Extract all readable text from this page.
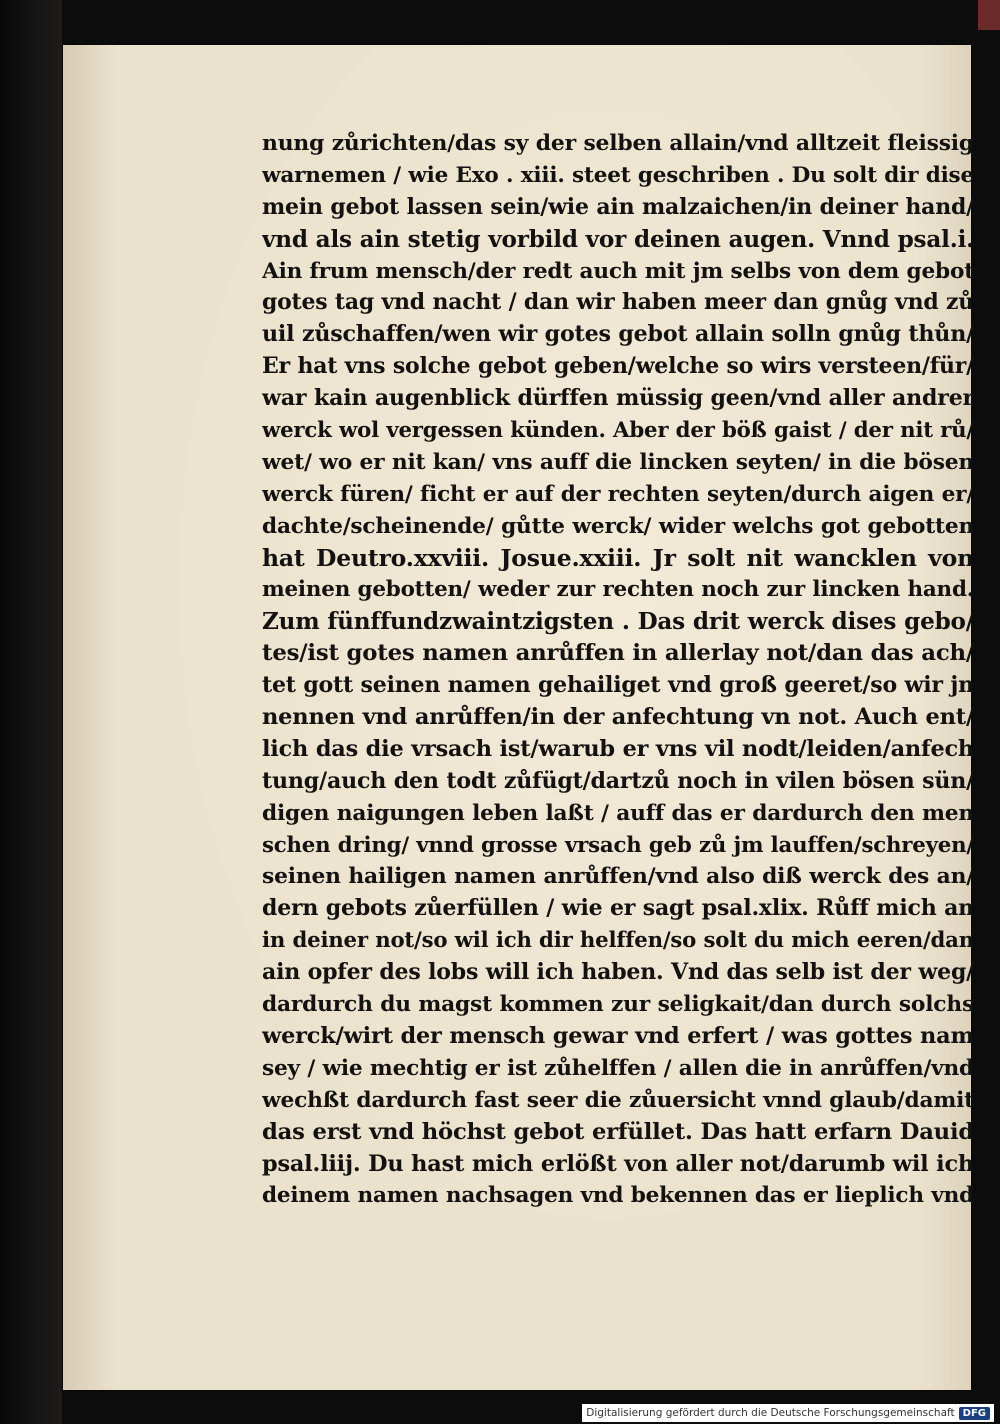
nung zůrichten/das sy der selben allain/vnd alltzeit fleissig
warnemen / wie Exo . xiii. steet geschriben . Du solt dir dise
mein gebot lassen sein/wie ain malzaichen/in deiner hand/
vnd als ain stetig vorbild vor deinen augen. Vnnd psal.i.
Ain frum mensch/der redt auch mit jm selbs von dem gebot
gotes tag vnd nacht / dan wir haben meer dan gnůg vnd zů
uil zůschaffen/wen wir gotes gebot allain solln gnůg thůn/
Er hat vns solche gebot geben/welche so wirs versteen/für/
war kain augenblick dürffen müssig geen/vnd aller andrer
werck wol vergessen künden. Aber der böß gaist / der nit rů/
wet/ wo er nit kan/ vns auff die lincken seyten/ in die bösen
werck füren/ ficht er auf der rechten seyten/durch aigen er/
dachte/scheinende/ gůtte werck/ wider welchs got gebotten
hat Deutro.xxviii. Josue.xxiii. Jr solt nit wancklen von
meinen gebotten/ weder zur rechten noch zur lincken hand.
Zum fünffundzwaintzigsten . Das drit werck dises gebo/
tes/ist gotes namen anrůffen in allerlay not/dan das ach/
tet gott seinen namen gehailiget vnd groß geeret/so wir jn
nennen vnd anrůffen/in der anfechtung vn not. Auch ent/
lich das die vrsach ist/warub er vns vil nodt/leiden/anfech
tung/auch den todt zůfügt/dartzů noch in vilen bösen sün/
digen naigungen leben laßt / auff das er dardurch den men
schen dring/ vnnd grosse vrsach geb zů jm lauffen/schreyen/
seinen hailigen namen anrůffen/vnd also diß werck des an/
dern gebots zůerfüllen / wie er sagt psal.xlix. Růff mich an
in deiner not/so wil ich dir helffen/so solt du mich eeren/dan
ain opfer des lobs will ich haben. Vnd das selb ist der weg/
dardurch du magst kommen zur seligkait/dan durch solchs
werck/wirt der mensch gewar vnd erfert / was gottes nam
sey / wie mechtig er ist zůhelffen / allen die in anrůffen/vnd
wechßt dardurch fast seer die zůuersicht vnnd glaub/damit
das erst vnd höchst gebot erfüllet. Das hatt erfarn Dauid
psal.liij. Du hast mich erlößt von aller not/darumb wil ich
deinem namen nachsagen vnd bekennen das er lieplich vnd
Digitalisierung gefördert durch die Deutsche Forschungsgemeinschaft DFG
